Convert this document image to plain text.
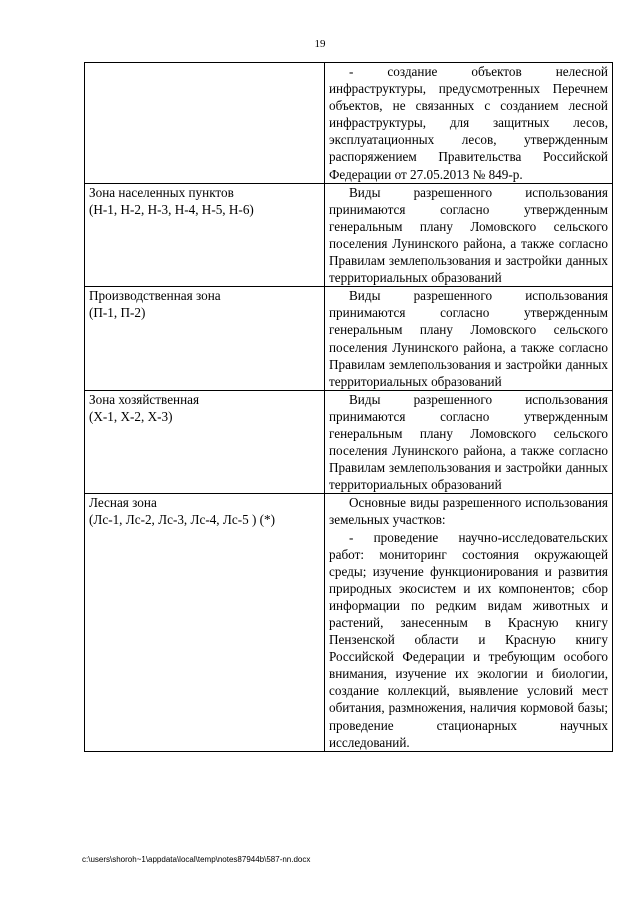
19

	- создание объектов нелесной инфраструктуры, предусмотренных Перечнем объектов, не связанных с созданием лесной инфраструктуры, для защитных лесов, эксплуатационных лесов, утвержденным распоряжением Правительства Российской Федерации от 27.05.2013 № 849-р.

Зона населенных пунктов
(Н-1, Н-2, Н-3, Н-4, Н-5, Н-6)	Виды разрешенного использования принимаются согласно утвержденным генеральным плану Ломовского сельского поселения Лунинского района, а также согласно Правилам землепользования и застройки данных территориальных образований

Производственная зона
(П-1, П-2)	Виды разрешенного использования принимаются согласно утвержденным генеральным плану Ломовского сельского поселения Лунинского района, а также согласно Правилам землепользования и застройки данных территориальных образований

Зона хозяйственная
(Х-1, Х-2, Х-3)	Виды разрешенного использования принимаются согласно утвержденным генеральным плану Ломовского сельского поселения Лунинского района, а также согласно Правилам землепользования и застройки данных территориальных образований

Лесная зона
(Лс-1, Лс-2, Лс-3, Лс-4, Лс-5 ) (*)	Основные виды разрешенного использования земельных участков:
- проведение научно-исследовательских работ: мониторинг состояния окружающей среды; изучение функционирования и развития природных экосистем и их компонентов; сбор информации по редким видам животных и растений, занесенным в Красную книгу Пензенской области и Красную книгу Российской Федерации и требующим особого внимания, изучение их экологии и биологии, создание коллекций, выявление условий мест обитания, размножения, наличия кормовой базы; проведение стационарных научных исследований.
c:\users\shoroh~1\appdata\local\temp\notes87944b\587-nn.docx
